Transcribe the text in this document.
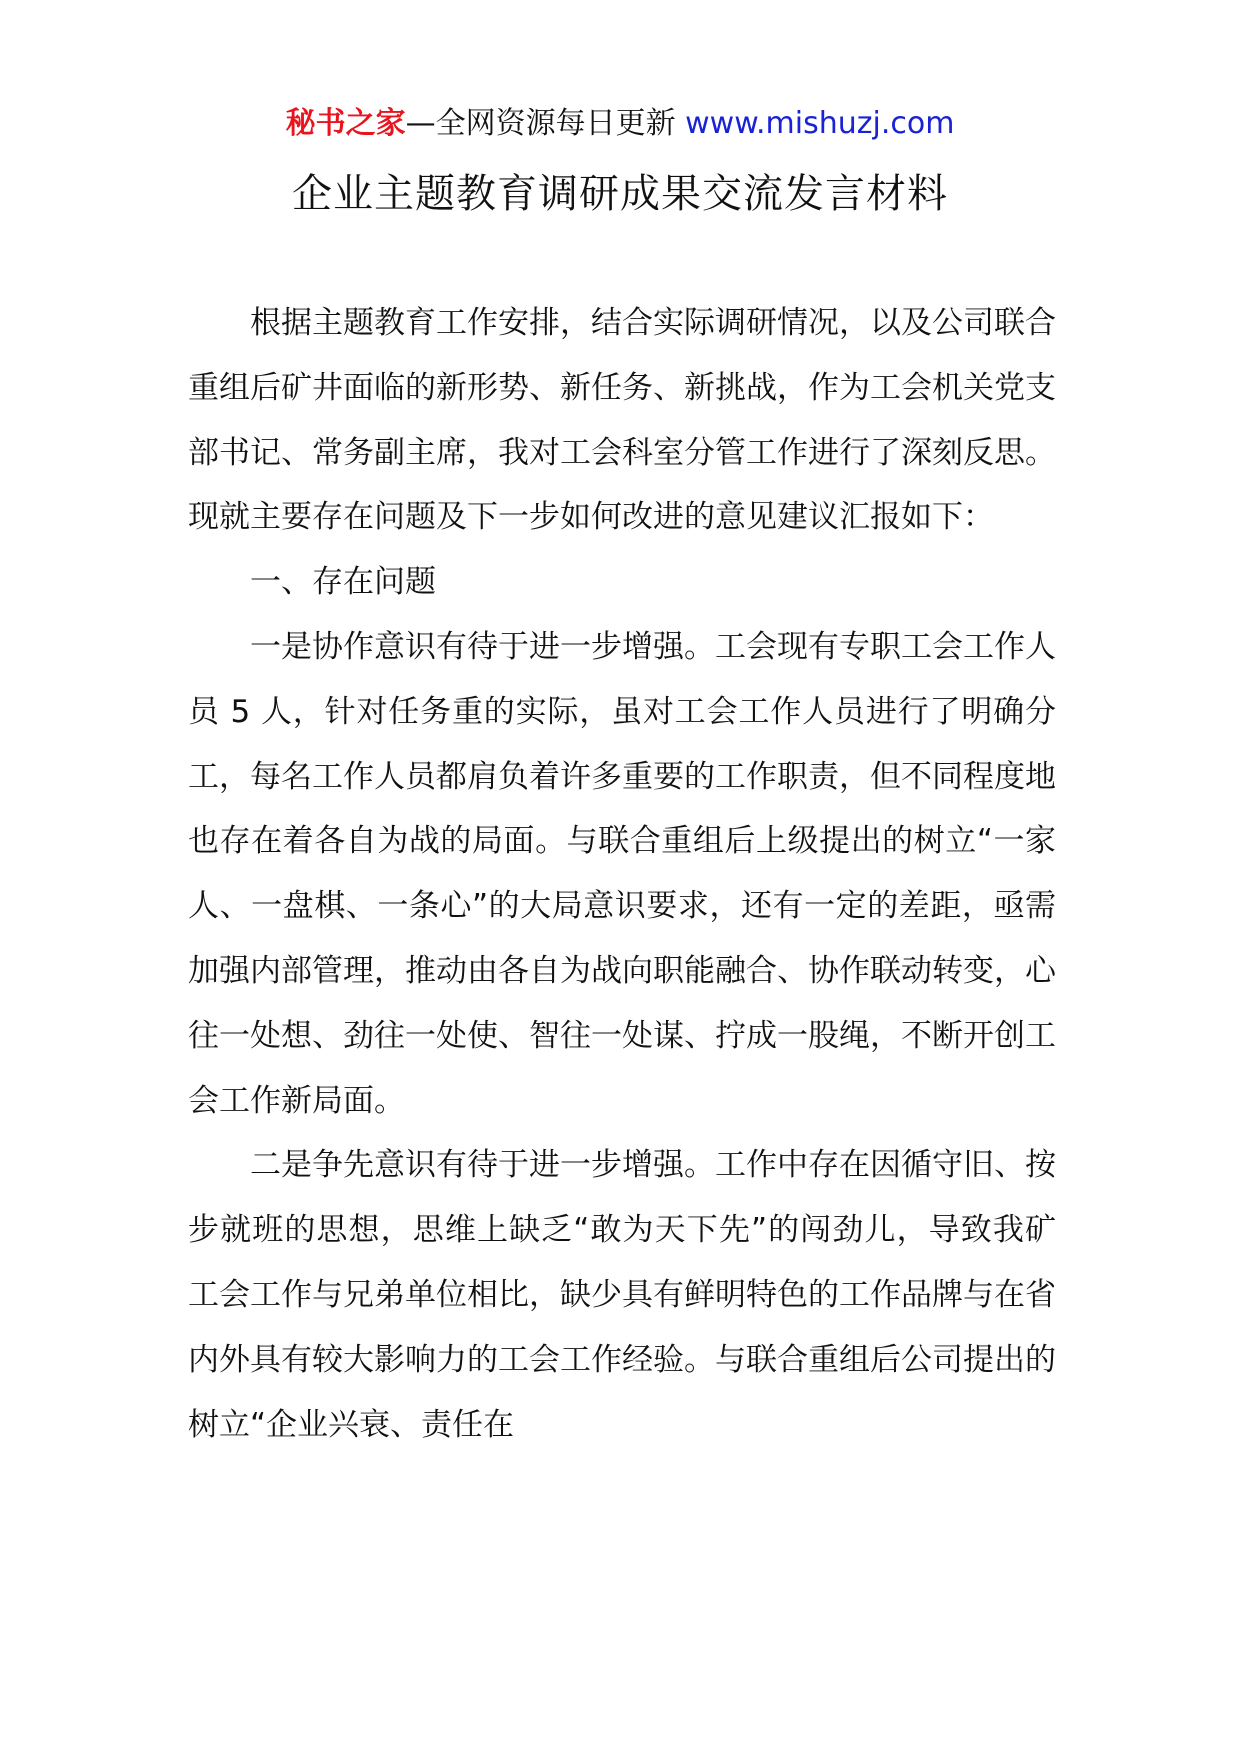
秘书之家—全网资源每日更新 www.mishuzj.com
企业主题教育调研成果交流发言材料

根据主题教育工作安排，结合实际调研情况，以及公司联合重组后矿井面临的新形势、新任务、新挑战，作为工会机关党支部书记、常务副主席，我对工会科室分管工作进行了深刻反思。现就主要存在问题及下一步如何改进的意见建议汇报如下：

一、存在问题

一是协作意识有待于进一步增强。工会现有专职工会工作人员 5 人，针对任务重的实际，虽对工会工作人员进行了明确分工，每名工作人员都肩负着许多重要的工作职责，但不同程度地也存在着各自为战的局面。与联合重组后上级提出的树立“一家人、一盘棋、一条心”的大局意识要求，还有一定的差距，亟需加强内部管理，推动由各自为战向职能融合、协作联动转变，心往一处想、劲往一处使、智往一处谋、拧成一股绳，不断开创工会工作新局面。

二是争先意识有待于进一步增强。工作中存在因循守旧、按步就班的思想，思维上缺乏“敢为天下先”的闯劲儿，导致我矿工会工作与兄弟单位相比，缺少具有鲜明特色的工作品牌与在省内外具有较大影响力的工会工作经验。与联合重组后公司提出的树立“企业兴衰、责任在
